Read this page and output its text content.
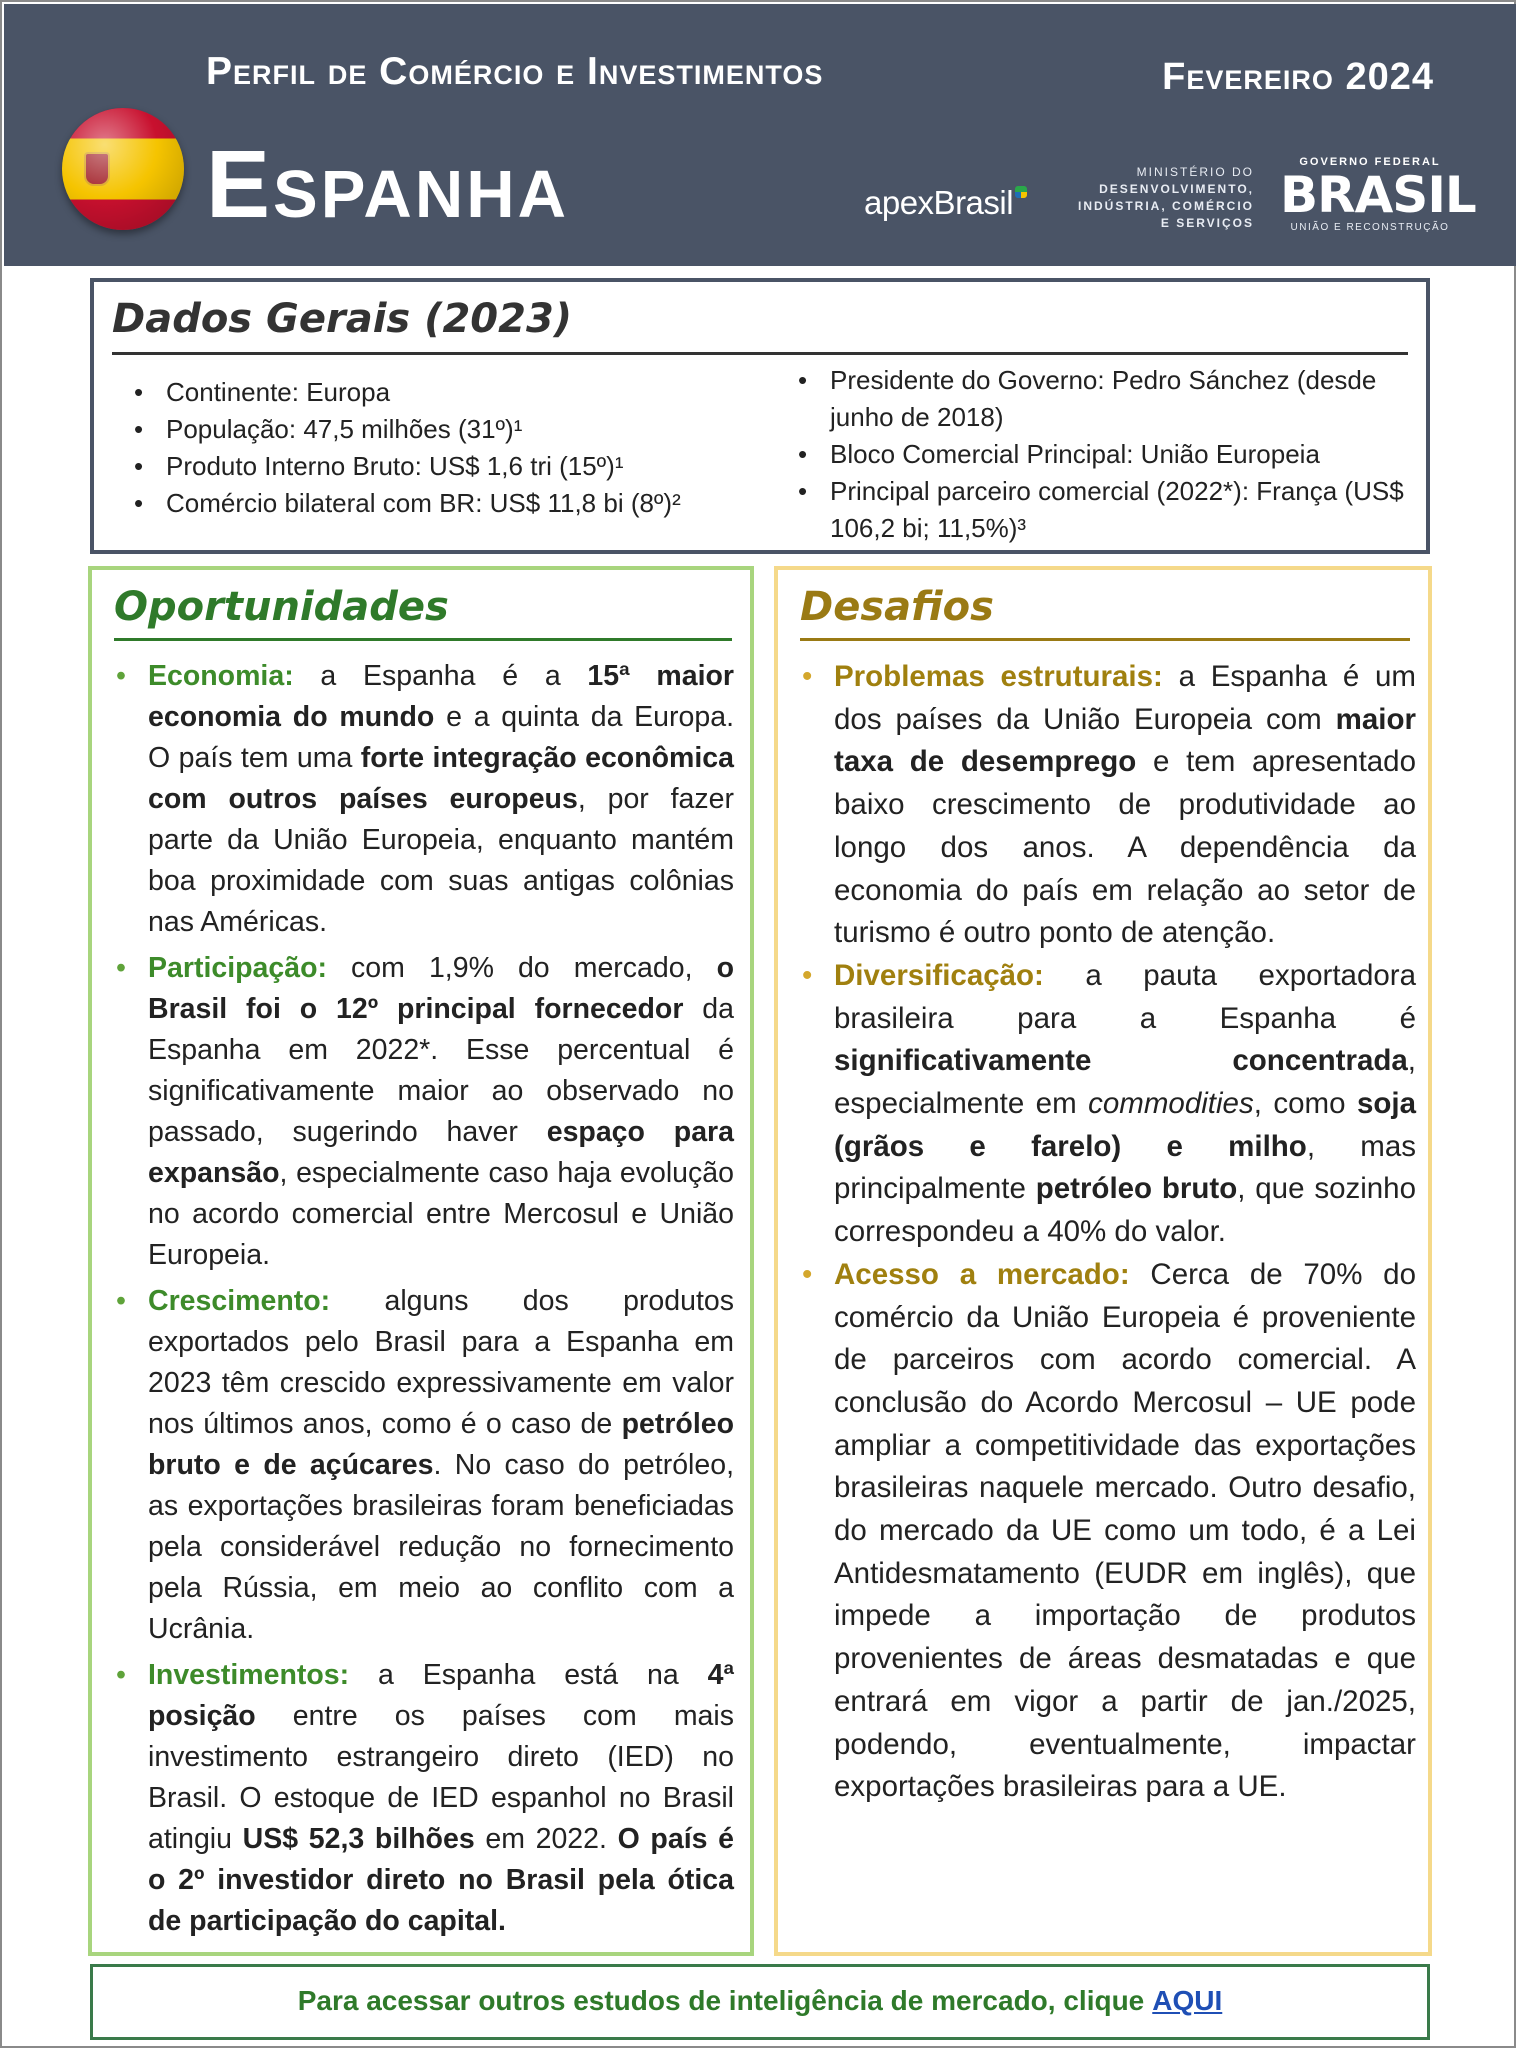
Perfil de Comércio e Investimentos	Fevereiro 2024
Espanha	apexBrasil
MINISTÉRIO DO
DESENVOLVIMENTO,
INDÚSTRIA, COMÉRCIO
E SERVIÇOS
GOVERNO FEDERAL
BRASIL
UNIÃO E RECONSTRUÇÃO
Dados Gerais (2023)
• Continente: Europa
• População: 47,5 milhões (31º)¹
• Produto Interno Bruto: US$ 1,6 tri (15º)¹
• Comércio bilateral com BR: US$ 11,8 bi (8º)²
• Presidente do Governo: Pedro Sánchez (desde junho de 2018)
• Bloco Comercial Principal: União Europeia
• Principal parceiro comercial (2022*): França (US$ 106,2 bi; 11,5%)³
Oportunidades
• Economia: a Espanha é a 15ª maior economia do mundo e a quinta da Europa. O país tem uma forte integração econômica com outros países europeus, por fazer parte da União Europeia, enquanto mantém boa proximidade com suas antigas colônias nas Américas.
• Participação: com 1,9% do mercado, o Brasil foi o 12º principal fornecedor da Espanha em 2022*. Esse percentual é significativamente maior ao observado no passado, sugerindo haver espaço para expansão, especialmente caso haja evolução no acordo comercial entre Mercosul e União Europeia.
• Crescimento: alguns dos produtos exportados pelo Brasil para a Espanha em 2023 têm crescido expressivamente em valor nos últimos anos, como é o caso de petróleo bruto e de açúcares. No caso do petróleo, as exportações brasileiras foram beneficiadas pela considerável redução no fornecimento pela Rússia, em meio ao conflito com a Ucrânia.
• Investimentos: a Espanha está na 4ª posição entre os países com mais investimento estrangeiro direto (IED) no Brasil. O estoque de IED espanhol no Brasil atingiu US$ 52,3 bilhões em 2022. O país é o 2º investidor direto no Brasil pela ótica de participação do capital.
Desafios
• Problemas estruturais: a Espanha é um dos países da União Europeia com maior taxa de desemprego e tem apresentado baixo crescimento de produtividade ao longo dos anos. A dependência da economia do país em relação ao setor de turismo é outro ponto de atenção.
• Diversificação: a pauta exportadora brasileira para a Espanha é significativamente concentrada, especialmente em commodities, como soja (grãos e farelo) e milho, mas principalmente petróleo bruto, que sozinho correspondeu a 40% do valor.
• Acesso a mercado: Cerca de 70% do comércio da União Europeia é proveniente de parceiros com acordo comercial. A conclusão do Acordo Mercosul – UE pode ampliar a competitividade das exportações brasileiras naquele mercado. Outro desafio, do mercado da UE como um todo, é a Lei Antidesmatamento (EUDR em inglês), que impede a importação de produtos provenientes de áreas desmatadas e que entrará em vigor a partir de jan./2025, podendo, eventualmente, impactar exportações brasileiras para a UE.
Para acessar outros estudos de inteligência de mercado, clique AQUI
